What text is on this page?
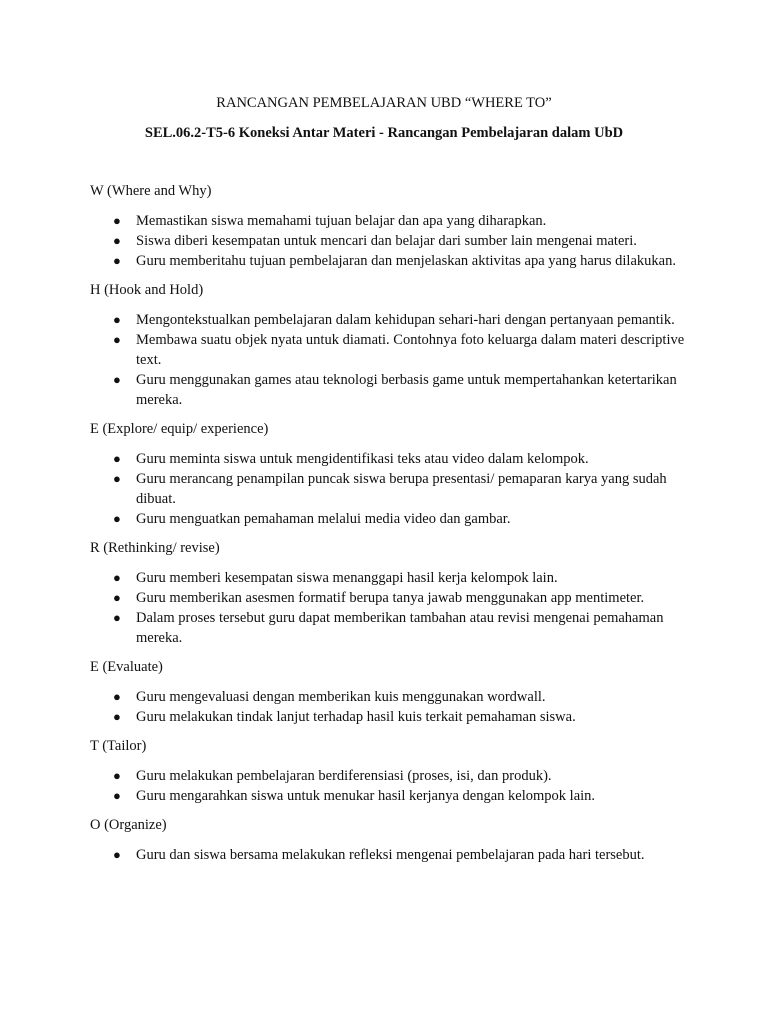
RANCANGAN PEMBELAJARAN UBD “WHERE TO”
SEL.06.2-T5-6 Koneksi Antar Materi - Rancangan Pembelajaran dalam UbD
W (Where and Why)
● Memastikan siswa memahami tujuan belajar dan apa yang diharapkan.
● Siswa diberi kesempatan untuk mencari dan belajar dari sumber lain mengenai materi.
● Guru memberitahu tujuan pembelajaran dan menjelaskan aktivitas apa yang harus dilakukan.
H (Hook and Hold)
● Mengontekstualkan pembelajaran dalam kehidupan sehari-hari dengan pertanyaan pemantik.
● Membawa suatu objek nyata untuk diamati. Contohnya foto keluarga dalam materi descriptive text.
● Guru menggunakan games atau teknologi berbasis game untuk mempertahankan ketertarikan mereka.
E (Explore/ equip/ experience)
● Guru meminta siswa untuk mengidentifikasi teks atau video dalam kelompok.
● Guru merancang penampilan puncak siswa berupa presentasi/ pemaparan karya yang sudah dibuat.
● Guru menguatkan pemahaman melalui media video dan gambar.
R (Rethinking/ revise)
● Guru memberi kesempatan siswa menanggapi hasil kerja kelompok lain.
● Guru memberikan asesmen formatif berupa tanya jawab menggunakan app mentimeter.
● Dalam proses tersebut guru dapat memberikan tambahan atau revisi mengenai pemahaman mereka.
E (Evaluate)
● Guru mengevaluasi dengan memberikan kuis menggunakan wordwall.
● Guru melakukan tindak lanjut terhadap hasil kuis terkait pemahaman siswa.
T (Tailor)
● Guru melakukan pembelajaran berdiferensiasi (proses, isi, dan produk).
● Guru mengarahkan siswa untuk menukar hasil kerjanya dengan kelompok lain.
O (Organize)
● Guru dan siswa bersama melakukan refleksi mengenai pembelajaran pada hari tersebut.
